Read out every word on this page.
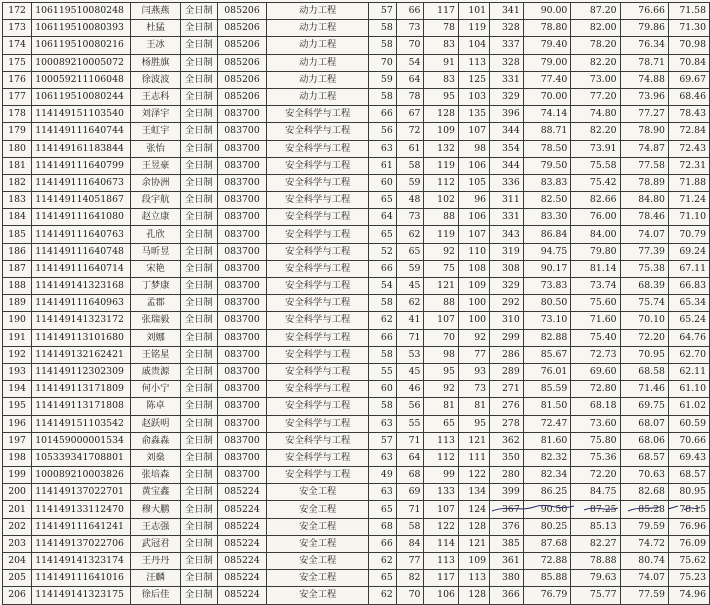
172	106119510080248	闫燕燕	全日制	085206	动力工程	57	66	117	101	341	90.00	87.20	76.66	71.58
173	106119510080393	杜猛	全日制	085206	动力工程	58	73	78	119	328	78.80	82.00	79.86	71.30
174	106119510080216	王冰	全日制	085206	动力工程	58	70	83	104	337	79.40	78.20	76.34	70.98
175	100089210005072	杨胜旗	全日制	085206	动力工程	70	54	91	113	328	79.00	82.20	78.71	70.84
176	100059211106048	徐波波	全日制	085206	动力工程	59	64	83	125	331	77.40	73.00	74.88	69.67
177	106119510080244	王志科	全日制	085206	动力工程	58	78	95	103	329	70.00	77.20	73.96	68.46
178	114149151103540	刘泽宇	全日制	083700	安全科学与工程	66	67	128	135	396	74.14	74.80	77.27	78.43
179	114149111640744	王虹宇	全日制	083700	安全科学与工程	56	72	109	107	344	88.71	82.20	78.90	72.84
180	114149161183844	张怡	全日制	083700	安全科学与工程	63	61	132	98	354	78.50	73.91	74.87	72.43
181	114149111640799	王昱豪	全日制	083700	安全科学与工程	61	58	119	106	344	79.50	75.58	77.58	72.31
182	114149111640673	余协洲	全日制	083700	安全科学与工程	60	59	112	105	336	83.83	75.42	78.89	71.88
183	114149114051867	段宇航	全日制	083700	安全科学与工程	65	48	102	96	311	82.50	82.66	84.80	71.24
184	114149111641080	赵立康	全日制	083700	安全科学与工程	64	73	88	106	331	83.30	76.00	78.46	71.10
185	114149111640763	孔欣	全日制	083700	安全科学与工程	65	62	119	107	343	86.84	84.00	74.07	70.79
186	114149111640748	马昕昱	全日制	083700	安全科学与工程	52	65	92	110	319	94.75	79.80	77.39	69.24
187	114149111640714	宋艳	全日制	083700	安全科学与工程	66	59	75	108	308	90.17	81.14	75.38	67.11
188	114149141323168	丁梦康	全日制	083700	安全科学与工程	54	45	121	109	329	73.83	73.74	68.39	66.83
189	114149111640963	孟郡	全日制	083700	安全科学与工程	58	62	88	100	292	80.50	75.60	75.74	65.34
190	114149141323172	张瑞毅	全日制	083700	安全科学与工程	62	41	107	100	310	73.10	71.60	70.10	65.24
191	114149113101680	刘娜	全日制	083700	安全科学与工程	66	71	70	92	299	82.88	75.40	72.20	64.76
192	114149132162421	王铭星	全日制	083700	安全科学与工程	58	53	98	77	286	85.67	72.73	70.95	62.70
193	114149112302309	戚贵源	全日制	083700	安全科学与工程	55	45	95	93	289	76.01	69.60	68.58	62.11
194	114149113171809	何小宁	全日制	083700	安全科学与工程	60	46	92	73	271	85.59	72.80	71.46	61.10
195	114149113171808	陈卓	全日制	083700	安全科学与工程	58	56	81	81	276	81.50	68.18	69.75	61.02
196	114149151103542	赵跃明	全日制	083700	安全科学与工程	63	55	65	95	278	72.47	73.60	68.07	60.59
197	101459000001534	俞淼淼	全日制	083700	安全科学与工程	57	71	113	121	362	81.60	75.80	68.06	70.66
198	105339341708801	刘燊	全日制	083700	安全科学与工程	63	64	112	111	350	82.32	75.36	68.57	69.43
199	100089210003826	张培森	全日制	083700	安全科学与工程	49	68	99	122	280	82.34	72.20	70.63	68.57
200	114149137022701	黄宝鑫	全日制	085224	安全工程	63	69	133	134	399	86.25	84.75	82.68	80.95
201	114149133112470	穆大鹏	全日制	085224	安全工程	65	71	107	124	367	90.50	87.25	85.28	78.15
202	114149111641241	王志强	全日制	085224	安全工程	68	58	122	128	376	80.25	85.13	79.59	76.96
203	114149137022706	武冠君	全日制	085224	安全工程	66	84	114	121	385	87.68	82.27	74.72	76.09
204	114149141323174	王丹丹	全日制	085224	安全工程	62	77	113	109	361	72.88	78.88	80.74	75.62
205	114149111641016	汪麟	全日制	085224	安全工程	65	82	117	113	380	85.88	79.63	74.07	75.23
206	114149141323175	徐后佳	全日制	085224	安全工程	62	70	106	128	366	76.79	75.77	77.59	74.96
